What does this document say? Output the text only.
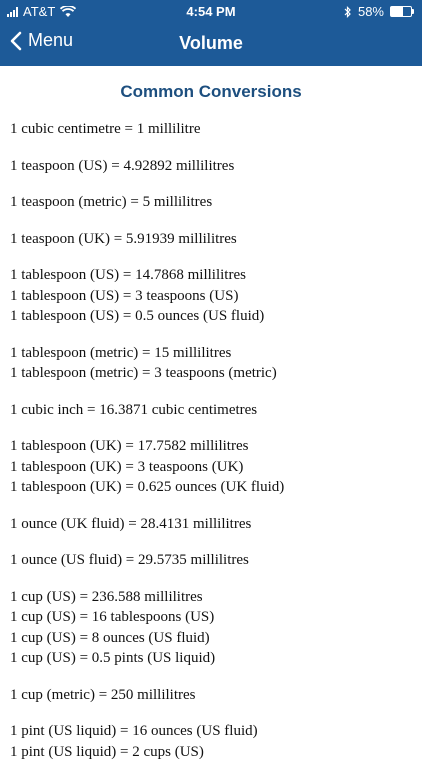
AT&T	4:54 PM	58%
Menu	Volume
Common Conversions
1 cubic centimetre = 1 millilitre
1 teaspoon (US) = 4.92892 millilitres
1 teaspoon (metric) = 5 millilitres
1 teaspoon (UK) = 5.91939 millilitres
1 tablespoon (US) = 14.7868 millilitres
1 tablespoon (US) = 3 teaspoons (US)
1 tablespoon (US) = 0.5 ounces (US fluid)
1 tablespoon (metric) = 15 millilitres
1 tablespoon (metric) = 3 teaspoons (metric)
1 cubic inch = 16.3871 cubic centimetres
1 tablespoon (UK) = 17.7582 millilitres
1 tablespoon (UK) = 3 teaspoons (UK)
1 tablespoon (UK) = 0.625 ounces (UK fluid)
1 ounce (UK fluid) = 28.4131 millilitres
1 ounce (US fluid) = 29.5735 millilitres
1 cup (US) = 236.588 millilitres
1 cup (US) = 16 tablespoons (US)
1 cup (US) = 8 ounces (US fluid)
1 cup (US) = 0.5 pints (US liquid)
1 cup (metric) = 250 millilitres
1 pint (US liquid) = 16 ounces (US fluid)
1 pint (US liquid) = 2 cups (US)
